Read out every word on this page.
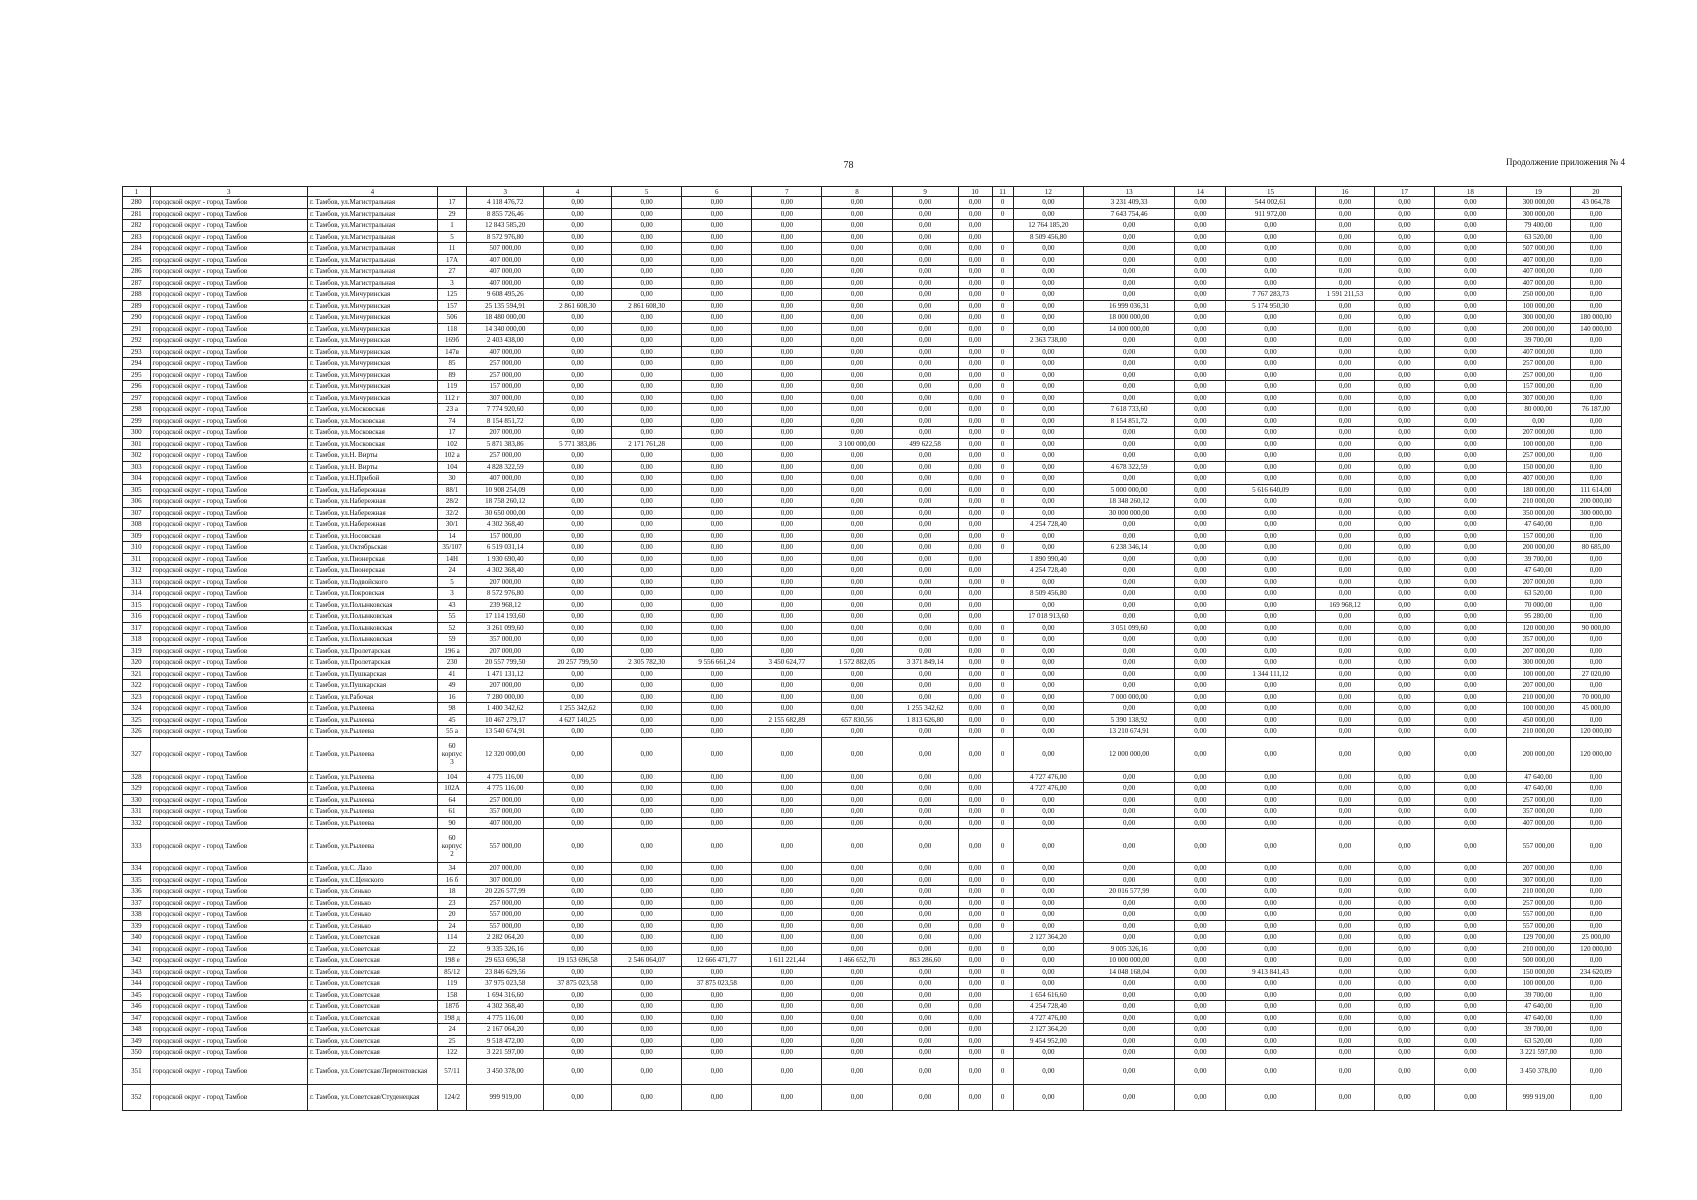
78	Продолжение приложения № 4
1	3	4		3	4	5	6	7	8	9	10	11	12	13	14	15	16	17	18	19	20
280	городской округ - город Тамбов	г. Тамбов, ул.Магистральная	17	4 118 476,72	0,00	0,00	0,00	0,00	0,00	0,00	0,00	0	0,00	3 231 409,33	0,00	544 002,61	0,00	0,00	0,00	300 000,00	43 064,78
281	городской округ - город Тамбов	г. Тамбов, ул.Магистральная	29	8 855 726,46	0,00	0,00	0,00	0,00	0,00	0,00	0,00	0	0,00	7 643 754,46	0,00	911 972,00	0,00	0,00	0,00	300 000,00	0,00
282	городской округ - город Тамбов	г. Тамбов, ул.Магистральная	1	12 843 585,20	0,00	0,00	0,00	0,00	0,00	0,00	0,00		12 764 185,20	0,00	0,00	0,00	0,00	0,00	0,00	79 400,00	0,00
283	городской округ - город Тамбов	г. Тамбов, ул.Магистральная	5	8 572 976,80	0,00	0,00	0,00	0,00	0,00	0,00	0,00		8 509 456,80	0,00	0,00	0,00	0,00	0,00	0,00	63 520,00	0,00
284	городской округ - город Тамбов	г. Тамбов, ул.Магистральная	11	507 000,00	0,00	0,00	0,00	0,00	0,00	0,00	0,00	0	0,00	0,00	0,00	0,00	0,00	0,00	0,00	507 000,00	0,00
285	городской округ - город Тамбов	г. Тамбов, ул.Магистральная	17А	407 000,00	0,00	0,00	0,00	0,00	0,00	0,00	0,00	0	0,00	0,00	0,00	0,00	0,00	0,00	0,00	407 000,00	0,00
286	городской округ - город Тамбов	г. Тамбов, ул.Магистральная	27	407 000,00	0,00	0,00	0,00	0,00	0,00	0,00	0,00	0	0,00	0,00	0,00	0,00	0,00	0,00	0,00	407 000,00	0,00
287	городской округ - город Тамбов	г. Тамбов, ул.Магистральная	3	407 000,00	0,00	0,00	0,00	0,00	0,00	0,00	0,00	0	0,00	0,00	0,00	0,00	0,00	0,00	0,00	407 000,00	0,00
288	городской округ - город Тамбов	г. Тамбов, ул.Мичуринская	125	9 608 495,26	0,00	0,00	0,00	0,00	0,00	0,00	0,00	0	0,00	0,00	0,00	7 767 283,73	1 591 211,53	0,00	0,00	250 000,00	0,00
289	городской округ - город Тамбов	г. Тамбов, ул.Мичуринская	157	25 135 594,91	2 861 608,30	2 861 608,30	0,00	0,00	0,00	0,00	0,00	0	0,00	16 999 036,31	0,00	5 174 950,30	0,00	0,00	0,00	100 000,00	0,00
290	городской округ - город Тамбов	г. Тамбов, ул.Мичуринская	506	18 480 000,00	0,00	0,00	0,00	0,00	0,00	0,00	0,00	0	0,00	18 000 000,00	0,00	0,00	0,00	0,00	0,00	300 000,00	180 000,00
291	городской округ - город Тамбов	г. Тамбов, ул.Мичуринская	118	14 340 000,00	0,00	0,00	0,00	0,00	0,00	0,00	0,00	0	0,00	14 000 000,00	0,00	0,00	0,00	0,00	0,00	200 000,00	140 000,00
292	городской округ - город Тамбов	г. Тамбов, ул.Мичуринская	169б	2 403 438,00	0,00	0,00	0,00	0,00	0,00	0,00	0,00		2 363 738,00	0,00	0,00	0,00	0,00	0,00	0,00	39 700,00	0,00
293	городской округ - город Тамбов	г. Тамбов, ул.Мичуринская	147в	407 000,00	0,00	0,00	0,00	0,00	0,00	0,00	0,00	0	0,00	0,00	0,00	0,00	0,00	0,00	0,00	407 000,00	0,00
294	городской округ - город Тамбов	г. Тамбов, ул.Мичуринская	85	257 000,00	0,00	0,00	0,00	0,00	0,00	0,00	0,00	0	0,00	0,00	0,00	0,00	0,00	0,00	0,00	257 000,00	0,00
295	городской округ - город Тамбов	г. Тамбов, ул.Мичуринская	89	257 000,00	0,00	0,00	0,00	0,00	0,00	0,00	0,00	0	0,00	0,00	0,00	0,00	0,00	0,00	0,00	257 000,00	0,00
296	городской округ - город Тамбов	г. Тамбов, ул.Мичуринская	119	157 000,00	0,00	0,00	0,00	0,00	0,00	0,00	0,00	0	0,00	0,00	0,00	0,00	0,00	0,00	0,00	157 000,00	0,00
297	городской округ - город Тамбов	г. Тамбов, ул.Мичуринская	112 г	307 000,00	0,00	0,00	0,00	0,00	0,00	0,00	0,00	0	0,00	0,00	0,00	0,00	0,00	0,00	0,00	307 000,00	0,00
298	городской округ - город Тамбов	г. Тамбов, ул.Московская	23 а	7 774 920,60	0,00	0,00	0,00	0,00	0,00	0,00	0,00	0	0,00	7 618 733,60	0,00	0,00	0,00	0,00	0,00	80 000,00	76 187,00
299	городской округ - город Тамбов	г. Тамбов, ул.Московская	74	8 154 851,72	0,00	0,00	0,00	0,00	0,00	0,00	0,00	0	0,00	8 154 851,72	0,00	0,00	0,00	0,00	0,00	0,00	0,00
300	городской округ - город Тамбов	г. Тамбов, ул.Московская	17	207 000,00	0,00	0,00	0,00	0,00	0,00	0,00	0,00	0	0,00	0,00	0,00	0,00	0,00	0,00	0,00	207 000,00	0,00
301	городской округ - город Тамбов	г. Тамбов, ул.Московская	102	5 871 383,86	5 771 383,86	2 171 761,28	0,00	0,00	3 100 000,00	499 622,58	0,00	0	0,00	0,00	0,00	0,00	0,00	0,00	0,00	100 000,00	0,00
302	городской округ - город Тамбов	г. Тамбов, ул.Н. Вирты	102 а	257 000,00	0,00	0,00	0,00	0,00	0,00	0,00	0,00	0	0,00	0,00	0,00	0,00	0,00	0,00	0,00	257 000,00	0,00
303	городской округ - город Тамбов	г. Тамбов, ул.Н. Вирты	104	4 828 322,59	0,00	0,00	0,00	0,00	0,00	0,00	0,00	0	0,00	4 678 322,59	0,00	0,00	0,00	0,00	0,00	150 000,00	0,00
304	городской округ - город Тамбов	г. Тамбов, ул.Н.Прибой	30	407 000,00	0,00	0,00	0,00	0,00	0,00	0,00	0,00	0	0,00	0,00	0,00	0,00	0,00	0,00	0,00	407 000,00	0,00
305	городской округ - город Тамбов	г. Тамбов, ул.Набережная	88/1	10 908 254,09	0,00	0,00	0,00	0,00	0,00	0,00	0,00	0	0,00	5 000 000,00	0,00	5 616 640,09	0,00	0,00	0,00	180 000,00	111 614,00
306	городской округ - город Тамбов	г. Тамбов, ул.Набережная	28/2	18 758 260,12	0,00	0,00	0,00	0,00	0,00	0,00	0,00	0	0,00	18 348 260,12	0,00	0,00	0,00	0,00	0,00	210 000,00	200 000,00
307	городской округ - город Тамбов	г. Тамбов, ул.Набережная	32/2	30 650 000,00	0,00	0,00	0,00	0,00	0,00	0,00	0,00	0	0,00	30 000 000,00	0,00	0,00	0,00	0,00	0,00	350 000,00	300 000,00
308	городской округ - город Тамбов	г. Тамбов, ул.Набережная	30/1	4 302 368,40	0,00	0,00	0,00	0,00	0,00	0,00	0,00		4 254 728,40	0,00	0,00	0,00	0,00	0,00	0,00	47 640,00	0,00
309	городской округ - город Тамбов	г. Тамбов, ул.Носовская	14	157 000,00	0,00	0,00	0,00	0,00	0,00	0,00	0,00	0	0,00	0,00	0,00	0,00	0,00	0,00	0,00	157 000,00	0,00
310	городской округ - город Тамбов	г. Тамбов, ул.Октябрьская	35/107	6 519 031,14	0,00	0,00	0,00	0,00	0,00	0,00	0,00	0	0,00	6 238 346,14	0,00	0,00	0,00	0,00	0,00	200 000,00	80 685,00
311	городской округ - город Тамбов	г. Тамбов, ул.Пионерская	14Н	1 930 690,40	0,00	0,00	0,00	0,00	0,00	0,00	0,00		1 890 990,40	0,00	0,00	0,00	0,00	0,00	0,00	39 700,00	0,00
312	городской округ - город Тамбов	г. Тамбов, ул.Пионерская	24	4 302 368,40	0,00	0,00	0,00	0,00	0,00	0,00	0,00		4 254 728,40	0,00	0,00	0,00	0,00	0,00	0,00	47 640,00	0,00
313	городской округ - город Тамбов	г. Тамбов, ул.Подвойского	5	207 000,00	0,00	0,00	0,00	0,00	0,00	0,00	0,00	0	0,00	0,00	0,00	0,00	0,00	0,00	0,00	207 000,00	0,00
314	городской округ - город Тамбов	г. Тамбов, ул.Покровская	3	8 572 976,80	0,00	0,00	0,00	0,00	0,00	0,00	0,00		8 509 456,80	0,00	0,00	0,00	0,00	0,00	0,00	63 520,00	0,00
315	городской округ - город Тамбов	г. Тамбов, ул.Полынковская	43	239 968,12	0,00	0,00	0,00	0,00	0,00	0,00	0,00		0,00	0,00	0,00	0,00	169 968,12	0,00	0,00	70 000,00	0,00
316	городской округ - город Тамбов	г. Тамбов, ул.Полынковская	55	17 114 193,60	0,00	0,00	0,00	0,00	0,00	0,00	0,00		17 018 913,60	0,00	0,00	0,00	0,00	0,00	0,00	95 280,00	0,00
317	городской округ - город Тамбов	г. Тамбов, ул.Полынковская	52	3 261 099,60	0,00	0,00	0,00	0,00	0,00	0,00	0,00	0	0,00	3 051 099,60	0,00	0,00	0,00	0,00	0,00	120 000,00	90 000,00
318	городской округ - город Тамбов	г. Тамбов, ул.Полынковская	59	357 000,00	0,00	0,00	0,00	0,00	0,00	0,00	0,00	0	0,00	0,00	0,00	0,00	0,00	0,00	0,00	357 000,00	0,00
319	городской округ - город Тамбов	г. Тамбов, ул.Пролетарская	196 а	207 000,00	0,00	0,00	0,00	0,00	0,00	0,00	0,00	0	0,00	0,00	0,00	0,00	0,00	0,00	0,00	207 000,00	0,00
320	городской округ - город Тамбов	г. Тамбов, ул.Пролетарская	230	20 557 799,50	20 257 799,50	2 305 782,30	9 556 661,24	3 450 624,77	1 572 882,05	3 371 849,14	0,00	0	0,00	0,00	0,00	0,00	0,00	0,00	0,00	300 000,00	0,00
321	городской округ - город Тамбов	г. Тамбов, ул.Пушкарская	41	1 471 131,12	0,00	0,00	0,00	0,00	0,00	0,00	0,00	0	0,00	0,00	0,00	1 344 111,12	0,00	0,00	0,00	100 000,00	27 020,00
322	городской округ - город Тамбов	г. Тамбов, ул.Пушкарская	49	207 000,00	0,00	0,00	0,00	0,00	0,00	0,00	0,00	0	0,00	0,00	0,00	0,00	0,00	0,00	0,00	207 000,00	0,00
323	городской округ - город Тамбов	г. Тамбов, ул.Рабочая	16	7 280 000,00	0,00	0,00	0,00	0,00	0,00	0,00	0,00	0	0,00	7 000 000,00	0,00	0,00	0,00	0,00	0,00	210 000,00	70 000,00
324	городской округ - город Тамбов	г. Тамбов, ул.Рылеева	98	1 400 342,62	1 255 342,62	0,00	0,00	0,00	0,00	1 255 342,62	0,00	0	0,00	0,00	0,00	0,00	0,00	0,00	0,00	100 000,00	45 000,00
325	городской округ - город Тамбов	г. Тамбов, ул.Рылеева	45	10 467 279,17	4 627 140,25	0,00	0,00	2 155 682,89	657 830,56	1 813 626,80	0,00	0	0,00	5 390 138,92	0,00	0,00	0,00	0,00	0,00	450 000,00	0,00
326	городской округ - город Тамбов	г. Тамбов, ул.Рылеева	55 а	13 540 674,91	0,00	0,00	0,00	0,00	0,00	0,00	0,00	0	0,00	13 210 674,91	0,00	0,00	0,00	0,00	0,00	210 000,00	120 000,00
327	городской округ - город Тамбов	г. Тамбов, ул.Рылеева	60 корпус 3	12 320 000,00	0,00	0,00	0,00	0,00	0,00	0,00	0,00	0	0,00	12 000 000,00	0,00	0,00	0,00	0,00	0,00	200 000,00	120 000,00
328	городской округ - город Тамбов	г. Тамбов, ул.Рылеева	104	4 775 116,00	0,00	0,00	0,00	0,00	0,00	0,00	0,00		4 727 476,00	0,00	0,00	0,00	0,00	0,00	0,00	47 640,00	0,00
329	городской округ - город Тамбов	г. Тамбов, ул.Рылеева	102А	4 775 116,00	0,00	0,00	0,00	0,00	0,00	0,00	0,00		4 727 476,00	0,00	0,00	0,00	0,00	0,00	0,00	47 640,00	0,00
330	городской округ - город Тамбов	г. Тамбов, ул.Рылеева	64	257 000,00	0,00	0,00	0,00	0,00	0,00	0,00	0,00	0	0,00	0,00	0,00	0,00	0,00	0,00	0,00	257 000,00	0,00
331	городской округ - город Тамбов	г. Тамбов, ул.Рылеева	61	357 000,00	0,00	0,00	0,00	0,00	0,00	0,00	0,00	0	0,00	0,00	0,00	0,00	0,00	0,00	0,00	357 000,00	0,00
332	городской округ - город Тамбов	г. Тамбов, ул.Рылеева	90	407 000,00	0,00	0,00	0,00	0,00	0,00	0,00	0,00	0	0,00	0,00	0,00	0,00	0,00	0,00	0,00	407 000,00	0,00
333	городской округ - город Тамбов	г. Тамбов, ул.Рылеева	60 корпус 2	557 000,00	0,00	0,00	0,00	0,00	0,00	0,00	0,00	0	0,00	0,00	0,00	0,00	0,00	0,00	0,00	557 000,00	0,00
334	городской округ - город Тамбов	г. Тамбов, ул.С. Лазо	34	207 000,00	0,00	0,00	0,00	0,00	0,00	0,00	0,00	0	0,00	0,00	0,00	0,00	0,00	0,00	0,00	207 000,00	0,00
335	городской округ - город Тамбов	г. Тамбов, ул.С.Ценского	16 б	307 000,00	0,00	0,00	0,00	0,00	0,00	0,00	0,00	0	0,00	0,00	0,00	0,00	0,00	0,00	0,00	307 000,00	0,00
336	городской округ - город Тамбов	г. Тамбов, ул.Сенько	18	20 226 577,99	0,00	0,00	0,00	0,00	0,00	0,00	0,00	0	0,00	20 016 577,99	0,00	0,00	0,00	0,00	0,00	210 000,00	0,00
337	городской округ - город Тамбов	г. Тамбов, ул.Сенько	23	257 000,00	0,00	0,00	0,00	0,00	0,00	0,00	0,00	0	0,00	0,00	0,00	0,00	0,00	0,00	0,00	257 000,00	0,00
338	городской округ - город Тамбов	г. Тамбов, ул.Сенько	20	557 000,00	0,00	0,00	0,00	0,00	0,00	0,00	0,00	0	0,00	0,00	0,00	0,00	0,00	0,00	0,00	557 000,00	0,00
339	городской округ - город Тамбов	г. Тамбов, ул.Сенько	24	557 000,00	0,00	0,00	0,00	0,00	0,00	0,00	0,00	0	0,00	0,00	0,00	0,00	0,00	0,00	0,00	557 000,00	0,00
340	городской округ - город Тамбов	г. Тамбов, ул.Советская	114	2 282 064,20	0,00	0,00	0,00	0,00	0,00	0,00	0,00		2 127 364,20	0,00	0,00	0,00	0,00	0,00	0,00	129 700,00	25 000,00
341	городской округ - город Тамбов	г. Тамбов, ул.Советская	22	9 335 326,16	0,00	0,00	0,00	0,00	0,00	0,00	0,00	0	0,00	9 005 326,16	0,00	0,00	0,00	0,00	0,00	210 000,00	120 000,00
342	городской округ - город Тамбов	г. Тамбов, ул.Советская	198 е	29 653 696,58	19 153 696,58	2 546 064,07	12 666 471,77	1 611 221,44	1 466 652,70	863 286,60	0,00	0	0,00	10 000 000,00	0,00	0,00	0,00	0,00	0,00	500 000,00	0,00
343	городской округ - город Тамбов	г. Тамбов, ул.Советская	85/12	23 846 629,56	0,00	0,00	0,00	0,00	0,00	0,00	0,00	0	0,00	14 048 168,04	0,00	9 413 841,43	0,00	0,00	0,00	150 000,00	234 620,09
344	городской округ - город Тамбов	г. Тамбов, ул.Советская	119	37 975 023,58	37 875 023,58	0,00	37 875 023,58	0,00	0,00	0,00	0,00	0	0,00	0,00	0,00	0,00	0,00	0,00	0,00	100 000,00	0,00
345	городской округ - город Тамбов	г. Тамбов, ул.Советская	158	1 694 316,60	0,00	0,00	0,00	0,00	0,00	0,00	0,00		1 654 616,60	0,00	0,00	0,00	0,00	0,00	0,00	39 700,00	0,00
346	городской округ - город Тамбов	г. Тамбов, ул.Советская	187б	4 302 368,40	0,00	0,00	0,00	0,00	0,00	0,00	0,00		4 254 728,40	0,00	0,00	0,00	0,00	0,00	0,00	47 640,00	0,00
347	городской округ - город Тамбов	г. Тамбов, ул.Советская	198 д	4 775 116,00	0,00	0,00	0,00	0,00	0,00	0,00	0,00		4 727 476,00	0,00	0,00	0,00	0,00	0,00	0,00	47 640,00	0,00
348	городской округ - город Тамбов	г. Тамбов, ул.Советская	24	2 167 064,20	0,00	0,00	0,00	0,00	0,00	0,00	0,00		2 127 364,20	0,00	0,00	0,00	0,00	0,00	0,00	39 700,00	0,00
349	городской округ - город Тамбов	г. Тамбов, ул.Советская	25	9 518 472,00	0,00	0,00	0,00	0,00	0,00	0,00	0,00		9 454 952,00	0,00	0,00	0,00	0,00	0,00	0,00	63 520,00	0,00
350	городской округ - город Тамбов	г. Тамбов, ул.Советская	122	3 221 597,00	0,00	0,00	0,00	0,00	0,00	0,00	0,00	0	0,00	0,00	0,00	0,00	0,00	0,00	0,00	3 221 597,00	0,00
351	городской округ - город Тамбов	г. Тамбов, ул.Советская/Лермонтовская	57/11	3 450 378,00	0,00	0,00	0,00	0,00	0,00	0,00	0,00	0	0,00	0,00	0,00	0,00	0,00	0,00	0,00	3 450 378,00	0,00
352	городской округ - город Тамбов	г. Тамбов, ул.Советская/Студенецкая	124/2	999 919,00	0,00	0,00	0,00	0,00	0,00	0,00	0,00	0	0,00	0,00	0,00	0,00	0,00	0,00	0,00	999 919,00	0,00
